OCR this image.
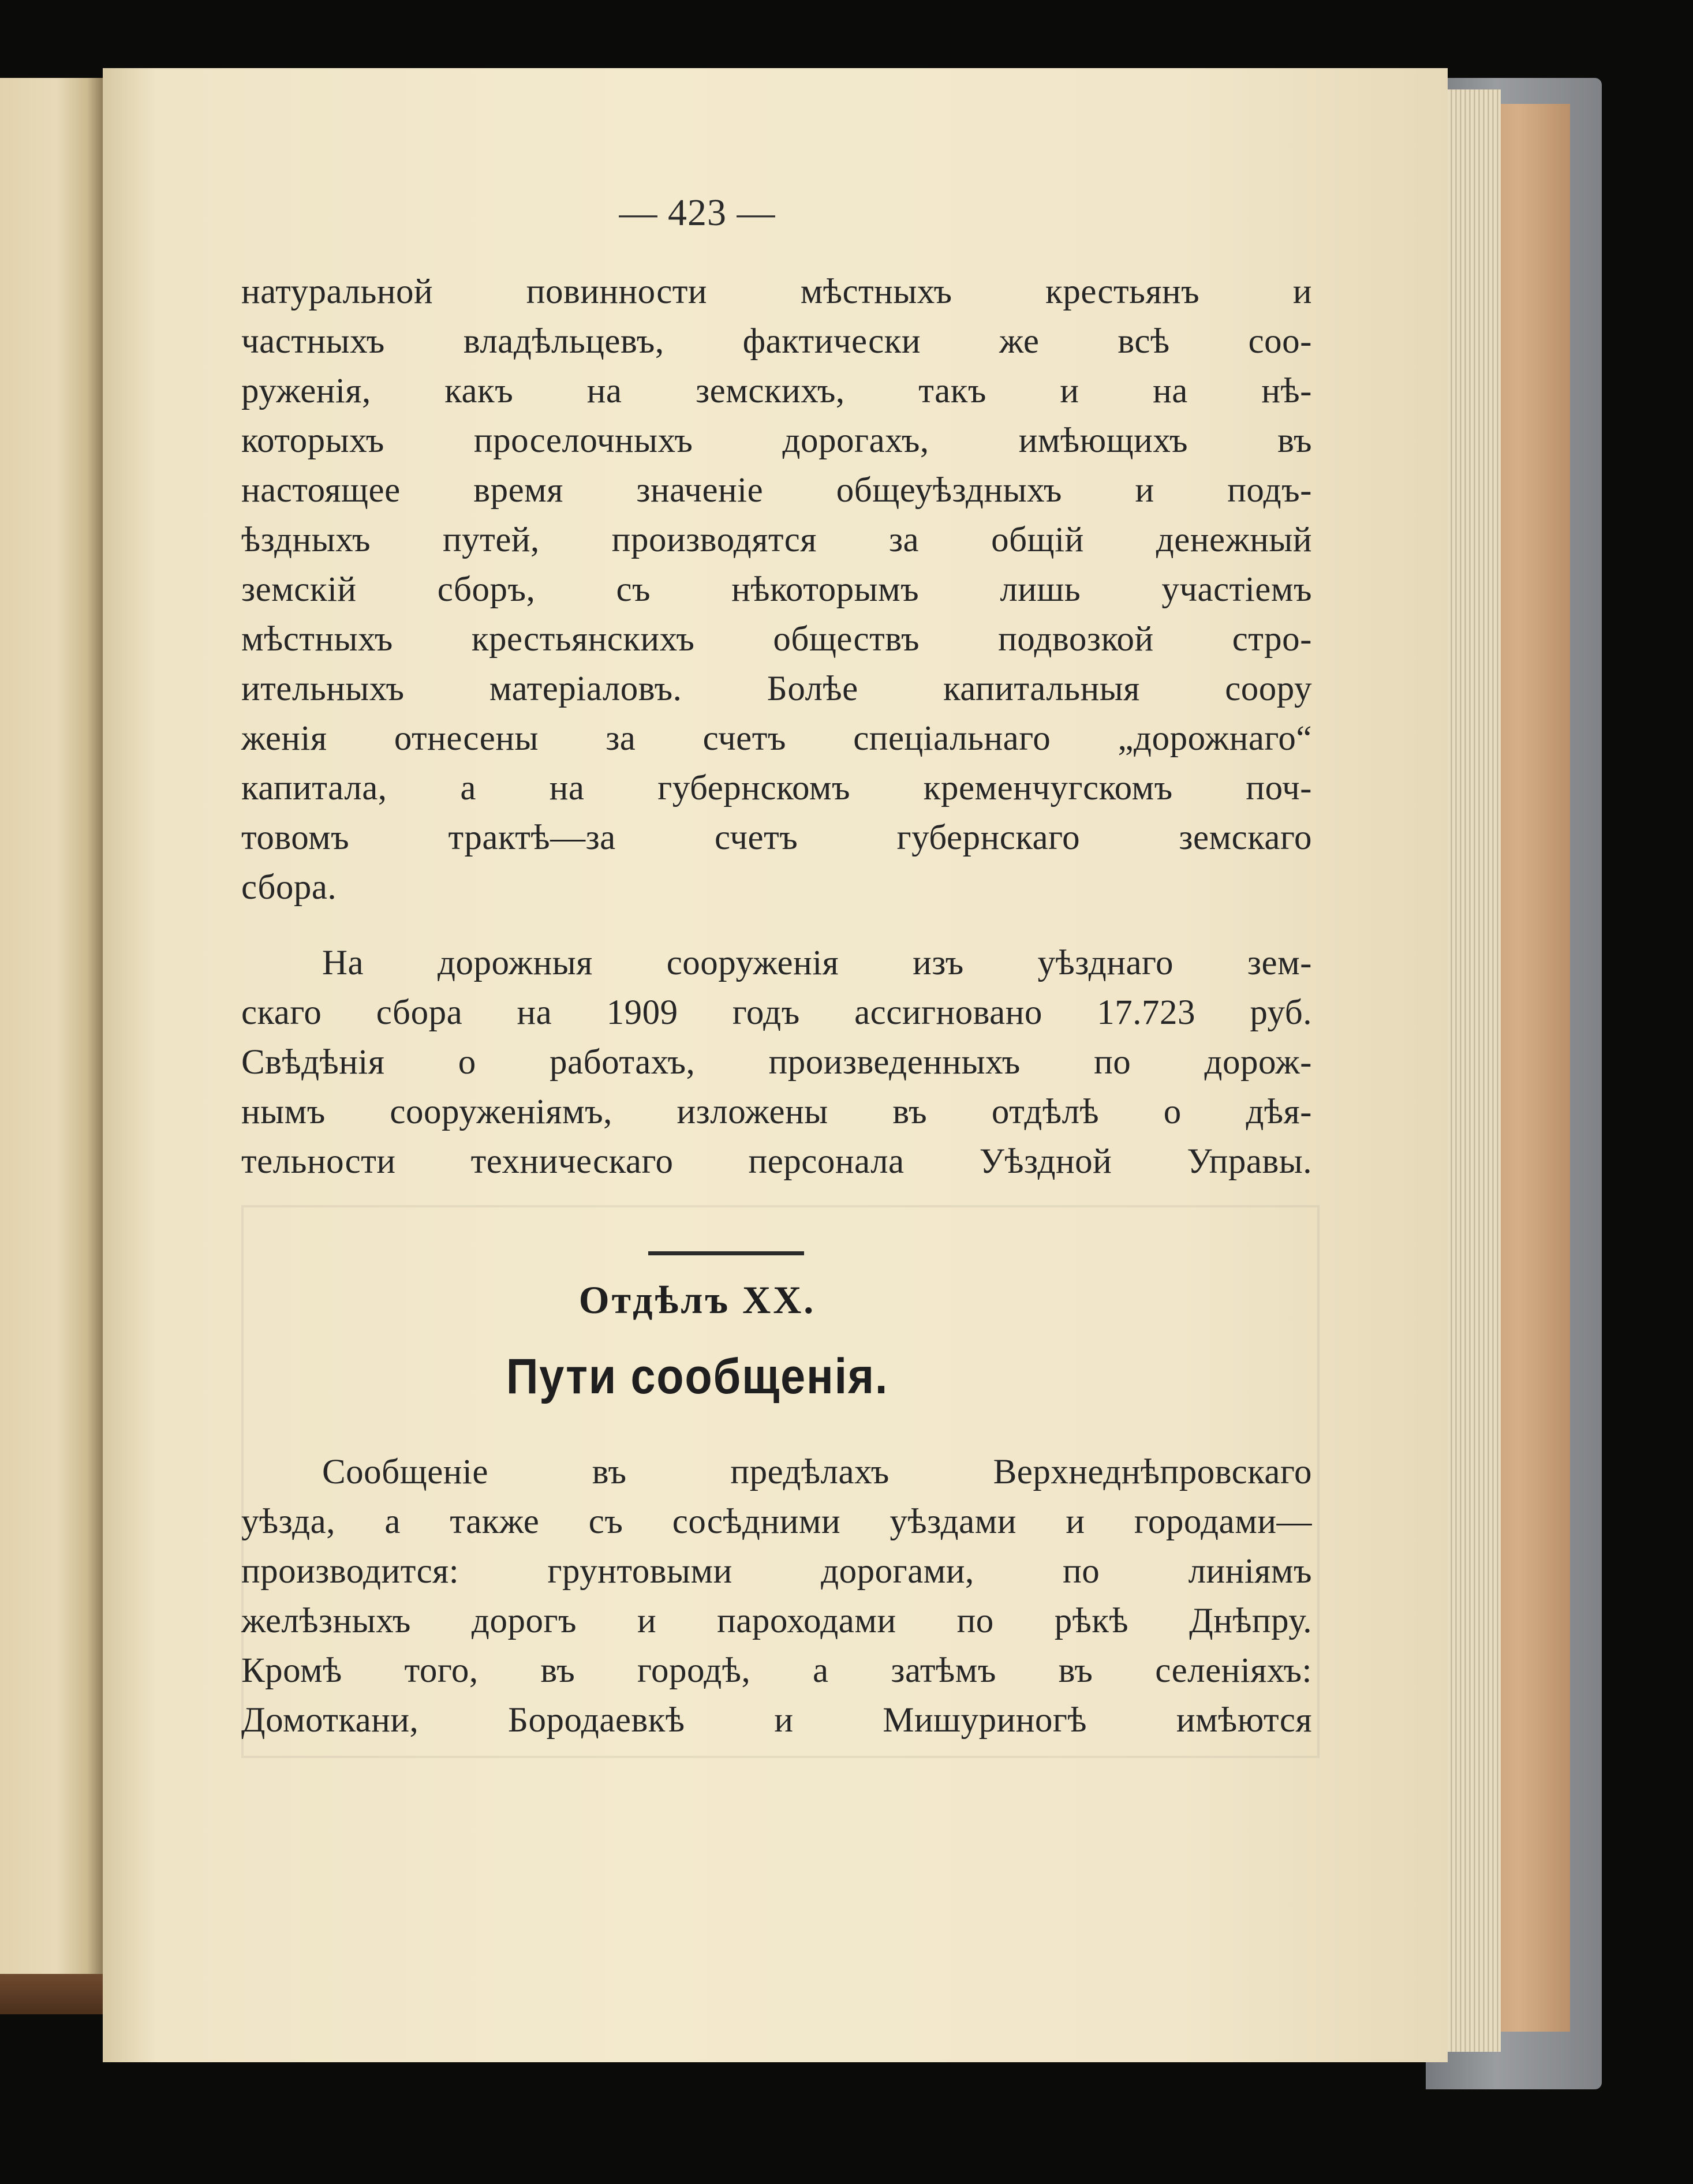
— 423 —
натуральной повинности мѣстныхъ крестьянъ и
частныхъ владѣльцевъ, фактически же всѣ соо-
руженія, какъ на земскихъ, такъ и на нѣ-
которыхъ проселочныхъ дорогахъ, имѣющихъ въ
настоящее время значеніе общеуѣздныхъ и подъ-
ѣздныхъ путей, производятся за общій денежный
земскій сборъ, съ нѣкоторымъ лишь участіемъ
мѣстныхъ крестьянскихъ обществъ подвозкой стро-
ительныхъ матеріаловъ. Болѣе капитальныя соору
женія отнесены за счетъ спеціальнаго „дорожнаго“
капитала, а на губернскомъ кременчугскомъ поч-
товомъ трактѣ—за счетъ губернскаго земскаго
сбора.
На дорожныя сооруженія изъ уѣзднаго зем-
скаго сбора на 1909 годъ ассигновано 17.723 руб.
Свѣдѣнія о работахъ, произведенныхъ по дорож-
нымъ сооруженіямъ, изложены въ отдѣлѣ о дѣя-
тельности техническаго персонала Уѣздной Управы.
Отдѣлъ XX.
Пути сообщенія.
Сообщеніе въ предѣлахъ Верхнеднѣпровскаго
уѣзда, а также съ сосѣдними уѣздами и городами—
производится: грунтовыми дорогами, по линіямъ
желѣзныхъ дорогъ и пароходами по рѣкѣ Днѣпру.
Кромѣ того, въ городѣ, а затѣмъ въ селеніяхъ:
Домоткани, Бородаевкѣ и Мишуриногѣ имѣются
